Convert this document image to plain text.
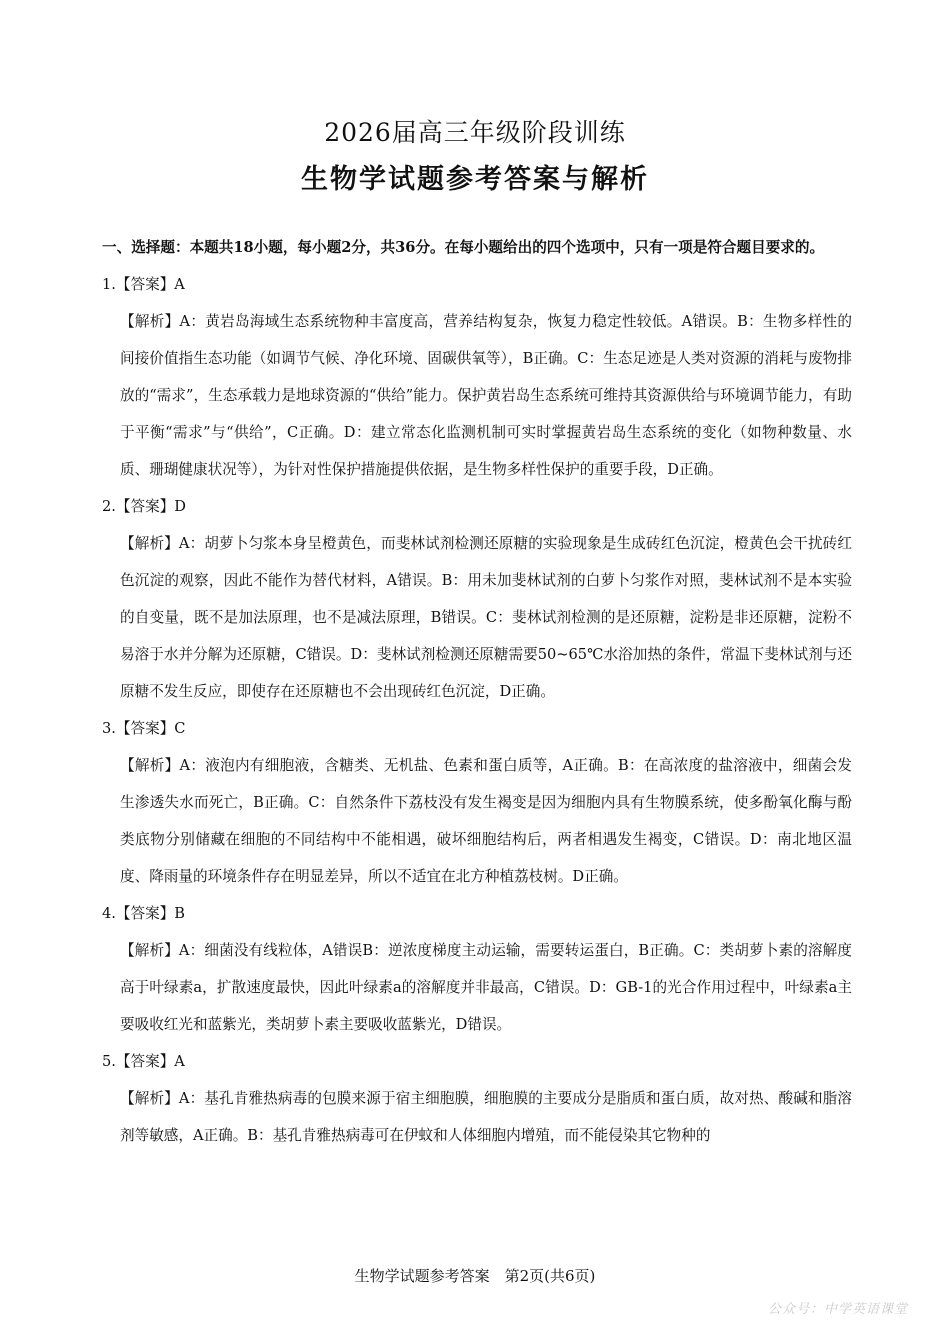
2026届高三年级阶段训练
生物学试题参考答案与解析
一、选择题：本题共18小题，每小题2分，共36分。在每小题给出的四个选项中，只有一项是符合题目要求的。
1.【答案】A
【解析】A：黄岩岛海域生态系统物种丰富度高，营养结构复杂，恢复力稳定性较低。A错误。B：生物多样性的间接价值指生态功能（如调节气候、净化环境、固碳供氧等），B正确。C：生态足迹是人类对资源的消耗与废物排放的“需求”，生态承载力是地球资源的“供给”能力。保护黄岩岛生态系统可维持其资源供给与环境调节能力，有助于平衡“需求”与“供给”，C正确。D：建立常态化监测机制可实时掌握黄岩岛生态系统的变化（如物种数量、水质、珊瑚健康状况等），为针对性保护措施提供依据，是生物多样性保护的重要手段，D正确。
2.【答案】D
【解析】A：胡萝卜匀浆本身呈橙黄色，而斐林试剂检测还原糖的实验现象是生成砖红色沉淀，橙黄色会干扰砖红色沉淀的观察，因此不能作为替代材料，A错误。B：用未加斐林试剂的白萝卜匀浆作对照，斐林试剂不是本实验的自变量，既不是加法原理，也不是减法原理，B错误。C：斐林试剂检测的是还原糖，淀粉是非还原糖，淀粉不易溶于水并分解为还原糖，C错误。D：斐林试剂检测还原糖需要50~65℃水浴加热的条件，常温下斐林试剂与还原糖不发生反应，即使存在还原糖也不会出现砖红色沉淀，D正确。
3.【答案】C
【解析】A：液泡内有细胞液，含糖类、无机盐、色素和蛋白质等，A正确。B：在高浓度的盐溶液中，细菌会发生渗透失水而死亡，B正确。C：自然条件下荔枝没有发生褐变是因为细胞内具有生物膜系统，使多酚氧化酶与酚类底物分别储藏在细胞的不同结构中不能相遇，破坏细胞结构后，两者相遇发生褐变，C错误。D：南北地区温度、降雨量的环境条件存在明显差异，所以不适宜在北方种植荔枝树。D正确。
4.【答案】B
【解析】A：细菌没有线粒体，A错误B：逆浓度梯度主动运输，需要转运蛋白，B正确。C：类胡萝卜素的溶解度高于叶绿素a，扩散速度最快，因此叶绿素a的溶解度并非最高，C错误。D：GB-1的光合作用过程中，叶绿素a主要吸收红光和蓝紫光，类胡萝卜素主要吸收蓝紫光，D错误。
5.【答案】A
【解析】A：基孔肯雅热病毒的包膜来源于宿主细胞膜，细胞膜的主要成分是脂质和蛋白质，故对热、酸碱和脂溶剂等敏感，A正确。B：基孔肯雅热病毒可在伊蚊和人体细胞内增殖，而不能侵染其它物种的
生物学试题参考答案　第2页(共6页)
公众号：中学英语课堂
